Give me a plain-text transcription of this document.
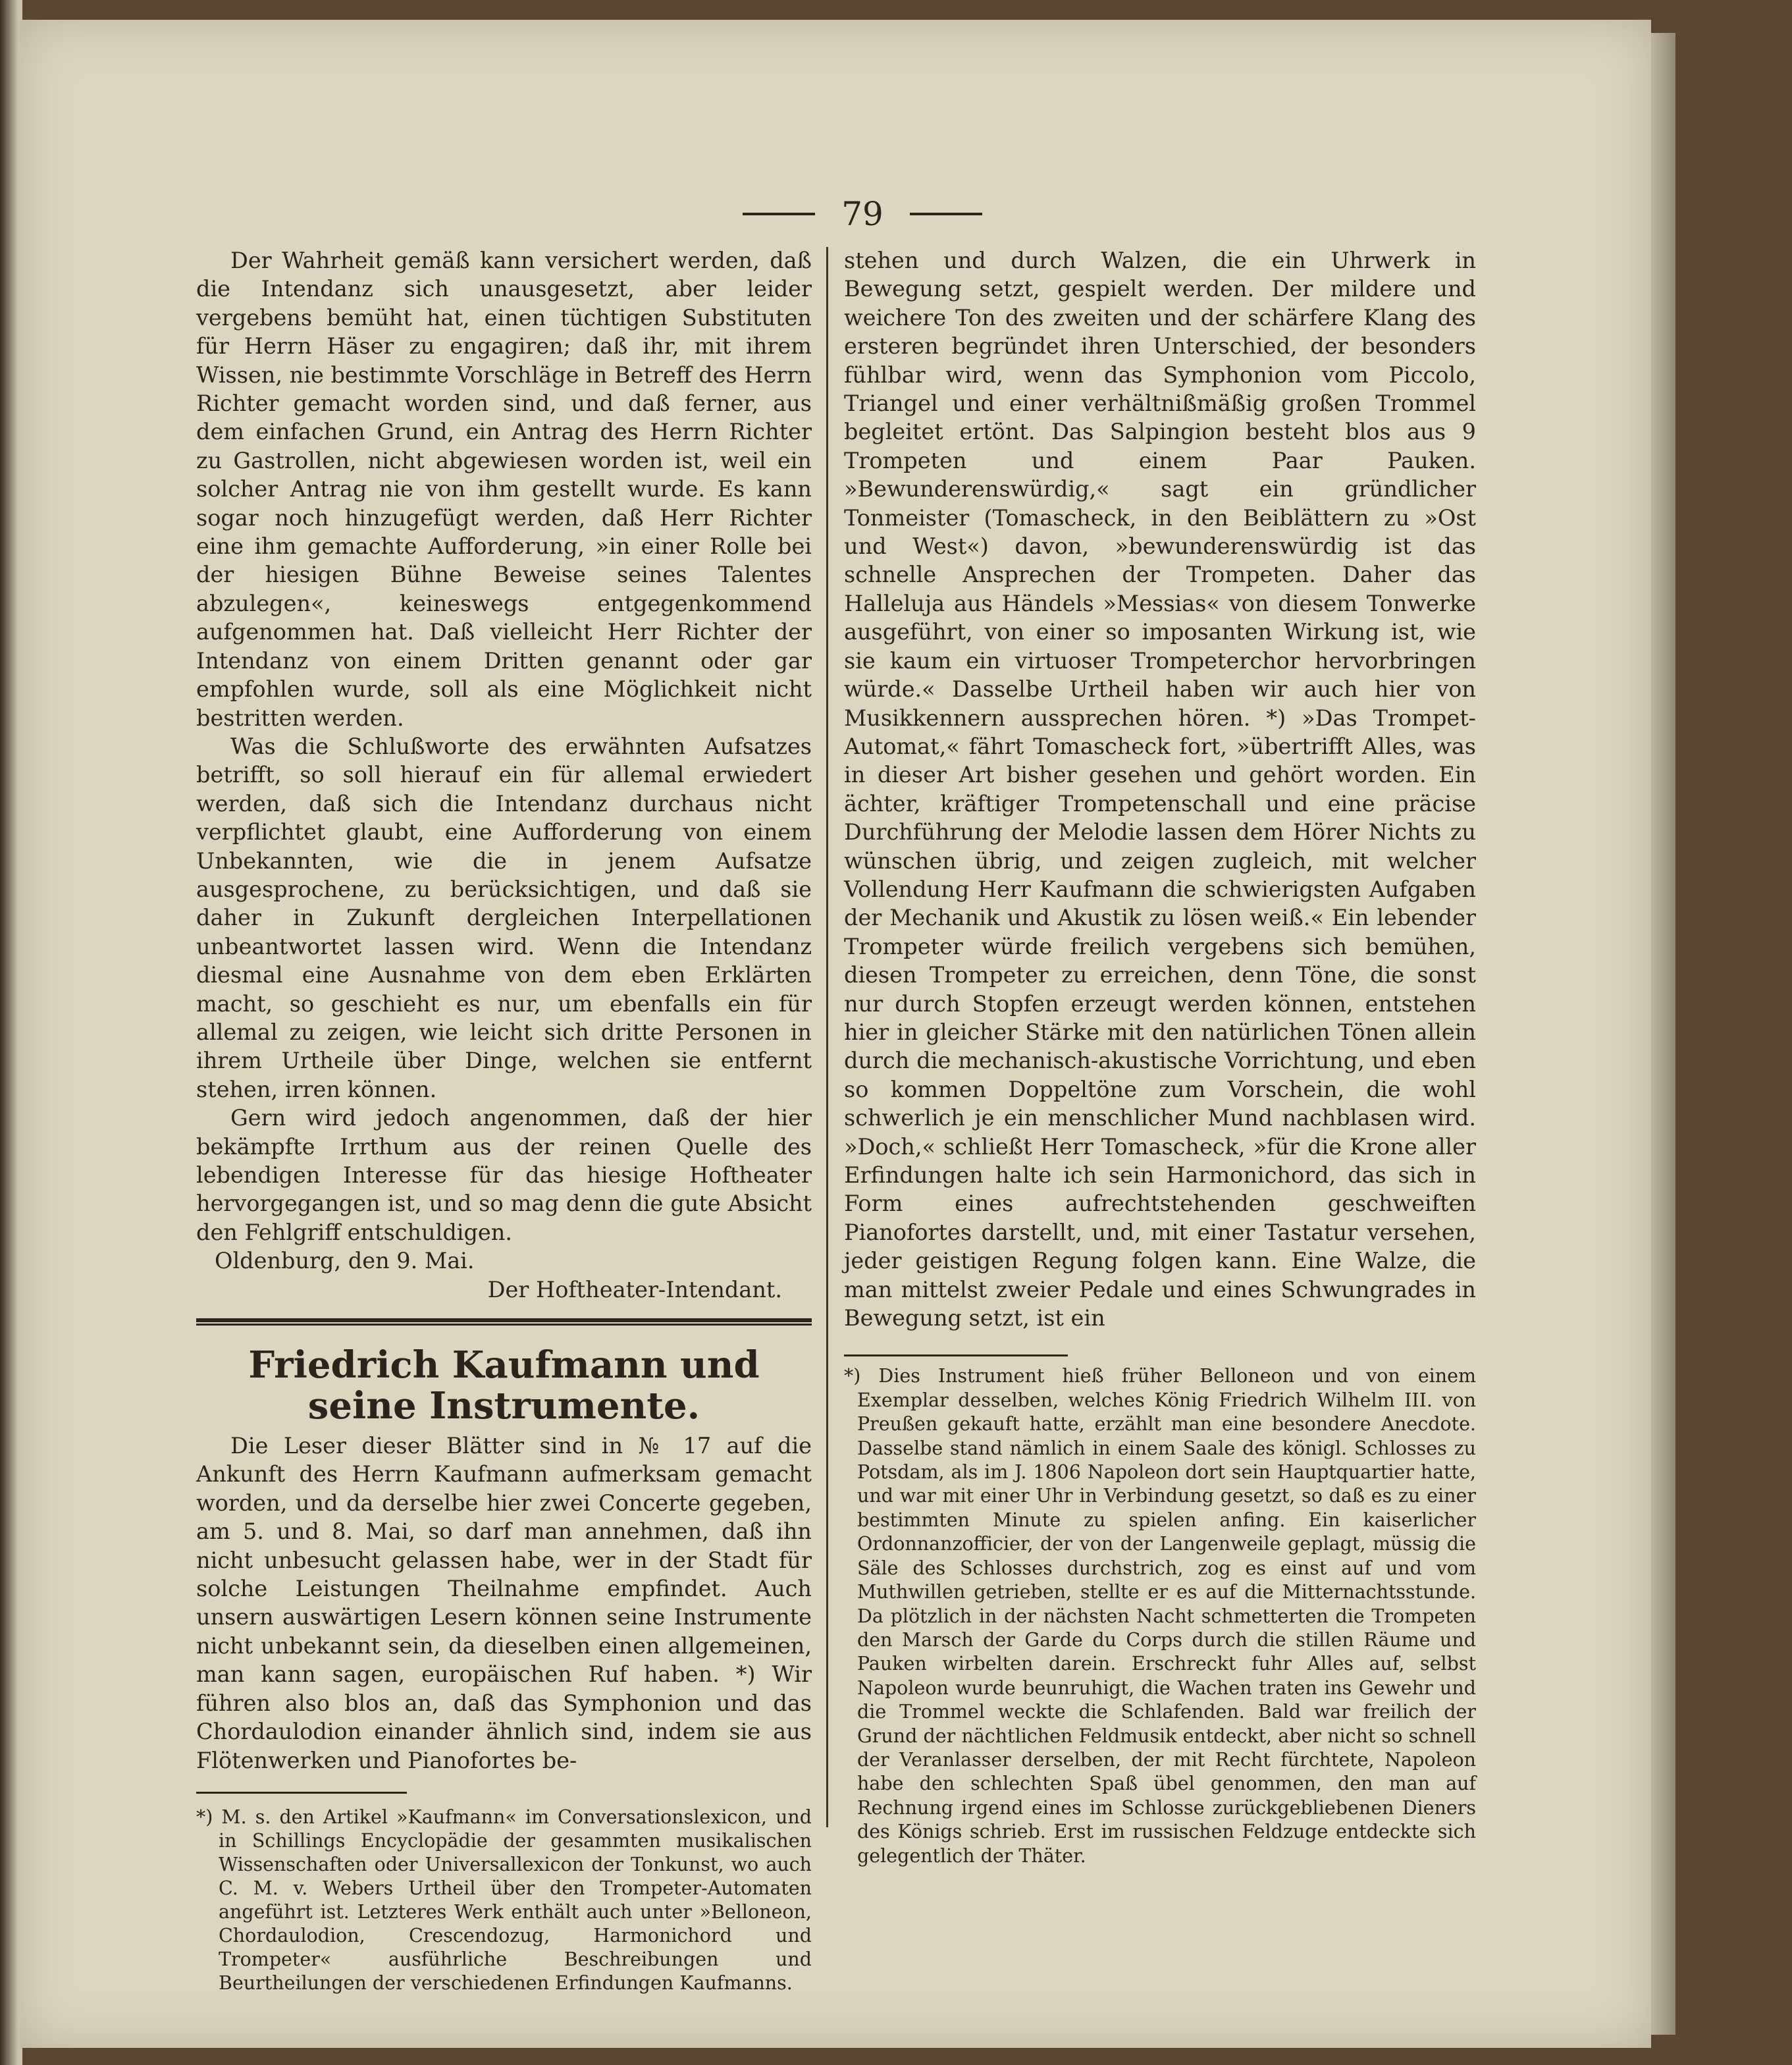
79

Der Wahrheit gemäß kann versichert werden, daß die Intendanz sich unausgesetzt, aber leider vergebens bemüht hat, einen tüchtigen Substituten für Herrn Häser zu engagiren; daß ihr, mit ihrem Wissen, nie bestimmte Vorschläge in Betreff des Herrn Richter gemacht worden sind, und daß ferner, aus dem einfachen Grund, ein Antrag des Herrn Richter zu Gastrollen, nicht abgewiesen worden ist, weil ein solcher Antrag nie von ihm gestellt wurde. Es kann sogar noch hinzugefügt werden, daß Herr Richter eine ihm gemachte Aufforderung, »in einer Rolle bei der hiesigen Bühne Beweise seines Talentes abzulegen«, keineswegs entgegenkommend aufgenommen hat. Daß vielleicht Herr Richter der Intendanz von einem Dritten genannt oder gar empfohlen wurde, soll als eine Möglichkeit nicht bestritten werden.

Was die Schlußworte des erwähnten Aufsatzes betrifft, so soll hierauf ein für allemal erwiedert werden, daß sich die Intendanz durchaus nicht verpflichtet glaubt, eine Aufforderung von einem Unbekannten, wie die in jenem Aufsatze ausgesprochene, zu berücksichtigen, und daß sie daher in Zukunft dergleichen Interpellationen unbeantwortet lassen wird. Wenn die Intendanz diesmal eine Ausnahme von dem eben Erklärten macht, so geschieht es nur, um ebenfalls ein für allemal zu zeigen, wie leicht sich dritte Personen in ihrem Urtheile über Dinge, welchen sie entfernt stehen, irren können.

Gern wird jedoch angenommen, daß der hier bekämpfte Irrthum aus der reinen Quelle des lebendigen Interesse für das hiesige Hoftheater hervorgegangen ist, und so mag denn die gute Absicht den Fehlgriff entschuldigen.

Oldenburg, den 9. Mai.

Der Hoftheater-Intendant.

Friedrich Kaufmann und seine Instrumente.

Die Leser dieser Blätter sind in № 17 auf die Ankunft des Herrn Kaufmann aufmerksam gemacht worden, und da derselbe hier zwei Concerte gegeben, am 5. und 8. Mai, so darf man annehmen, daß ihn nicht unbesucht gelassen habe, wer in der Stadt für solche Leistungen Theilnahme empfindet. Auch unsern auswärtigen Lesern können seine Instrumente nicht unbekannt sein, da dieselben einen allgemeinen, man kann sagen, europäischen Ruf haben. *) Wir führen also blos an, daß das Symphonion und das Chordaulodion einander ähnlich sind, indem sie aus Flötenwerken und Pianofortes be-

*) M. s. den Artikel »Kaufmann« im Conversationslexicon, und in Schillings Encyclopädie der gesammten musikalischen Wissenschaften oder Universallexicon der Tonkunst, wo auch C. M. v. Webers Urtheil über den Trompeter-Automaten angeführt ist. Letzteres Werk enthält auch unter »Belloneon, Chordaulodion, Crescendozug, Harmonichord und Trompeter« ausführliche Beschreibungen und Beurtheilungen der verschiedenen Erfindungen Kaufmanns.

stehen und durch Walzen, die ein Uhrwerk in Bewegung setzt, gespielt werden. Der mildere und weichere Ton des zweiten und der schärfere Klang des ersteren begründet ihren Unterschied, der besonders fühlbar wird, wenn das Symphonion vom Piccolo, Triangel und einer verhältnißmäßig großen Trommel begleitet ertönt. Das Salpingion besteht blos aus 9 Trompeten und einem Paar Pauken. »Bewunderenswürdig,« sagt ein gründlicher Tonmeister (Tomascheck, in den Beiblättern zu »Ost und West«) davon, »bewunderenswürdig ist das schnelle Ansprechen der Trompeten. Daher das Halleluja aus Händels »Messias« von diesem Tonwerke ausgeführt, von einer so imposanten Wirkung ist, wie sie kaum ein virtuoser Trompeterchor hervorbringen würde.« Dasselbe Urtheil haben wir auch hier von Musikkennern aussprechen hören. *) »Das Trompet-Automat,« fährt Tomascheck fort, »übertrifft Alles, was in dieser Art bisher gesehen und gehört worden. Ein ächter, kräftiger Trompetenschall und eine präcise Durchführung der Melodie lassen dem Hörer Nichts zu wünschen übrig, und zeigen zugleich, mit welcher Vollendung Herr Kaufmann die schwierigsten Aufgaben der Mechanik und Akustik zu lösen weiß.« Ein lebender Trompeter würde freilich vergebens sich bemühen, diesen Trompeter zu erreichen, denn Töne, die sonst nur durch Stopfen erzeugt werden können, entstehen hier in gleicher Stärke mit den natürlichen Tönen allein durch die mechanisch-akustische Vorrichtung, und eben so kommen Doppeltöne zum Vorschein, die wohl schwerlich je ein menschlicher Mund nachblasen wird. »Doch,« schließt Herr Tomascheck, »für die Krone aller Erfindungen halte ich sein Harmonichord, das sich in Form eines aufrechtstehenden geschweiften Pianofortes darstellt, und, mit einer Tastatur versehen, jeder geistigen Regung folgen kann. Eine Walze, die man mittelst zweier Pedale und eines Schwungrades in Bewegung setzt, ist ein

*) Dies Instrument hieß früher Belloneon und von einem Exemplar desselben, welches König Friedrich Wilhelm III. von Preußen gekauft hatte, erzählt man eine besondere Anecdote. Dasselbe stand nämlich in einem Saale des königl. Schlosses zu Potsdam, als im J. 1806 Napoleon dort sein Hauptquartier hatte, und war mit einer Uhr in Verbindung gesetzt, so daß es zu einer bestimmten Minute zu spielen anfing. Ein kaiserlicher Ordonnanzofficier, der von der Langenweile geplagt, müssig die Säle des Schlosses durchstrich, zog es einst auf und vom Muthwillen getrieben, stellte er es auf die Mitternachtsstunde. Da plötzlich in der nächsten Nacht schmetterten die Trompeten den Marsch der Garde du Corps durch die stillen Räume und Pauken wirbelten darein. Erschreckt fuhr Alles auf, selbst Napoleon wurde beunruhigt, die Wachen traten ins Gewehr und die Trommel weckte die Schlafenden. Bald war freilich der Grund der nächtlichen Feldmusik entdeckt, aber nicht so schnell der Veranlasser derselben, der mit Recht fürchtete, Napoleon habe den schlechten Spaß übel genommen, den man auf Rechnung irgend eines im Schlosse zurückgebliebenen Dieners des Königs schrieb. Erst im russischen Feldzuge entdeckte sich gelegentlich der Thäter.
